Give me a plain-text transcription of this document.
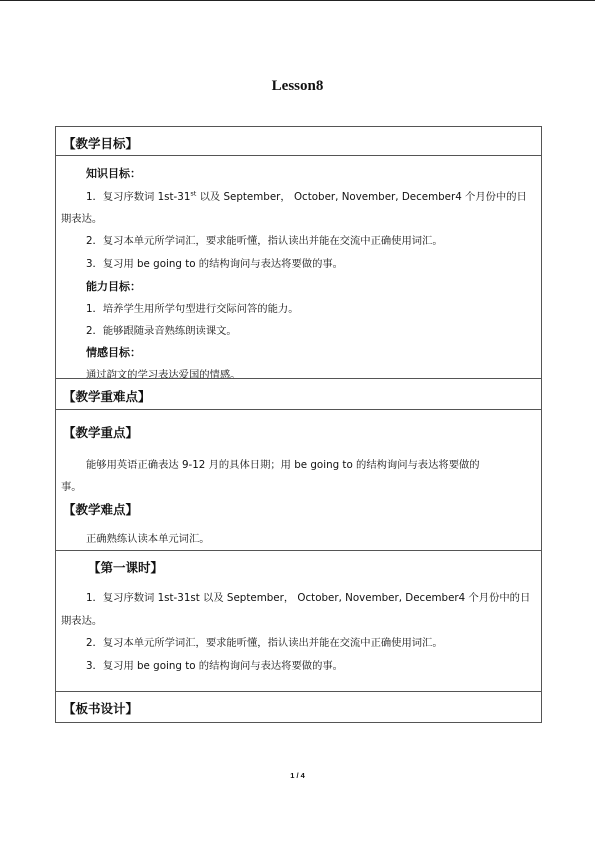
Lesson8
【教学目标】
知识目标：
1．复习序数词 1st-31st 以及 September， October, November, December4 个月份中的日
期表达。
2．复习本单元所学词汇，要求能听懂，指认读出并能在交流中正确使用词汇。
3．复习用 be going to 的结构询问与表达将要做的事。
能力目标：
1．培养学生用所学句型进行交际问答的能力。
2．能够跟随录音熟练朗读课文。
情感目标：
通过韵文的学习表达爱国的情感。
【教学重难点】
【教学重点】
能够用英语正确表达 9-12 月的具体日期；用 be going to 的结构询问与表达将要做的
事。
【教学难点】
正确熟练认读本单元词汇。
【第一课时】
1．复习序数词 1st-31st 以及 September， October, November, December4 个月份中的日
期表达。
2．复习本单元所学词汇，要求能听懂，指认读出并能在交流中正确使用词汇。
3．复习用 be going to 的结构询问与表达将要做的事。
【板书设计】
1 / 4
